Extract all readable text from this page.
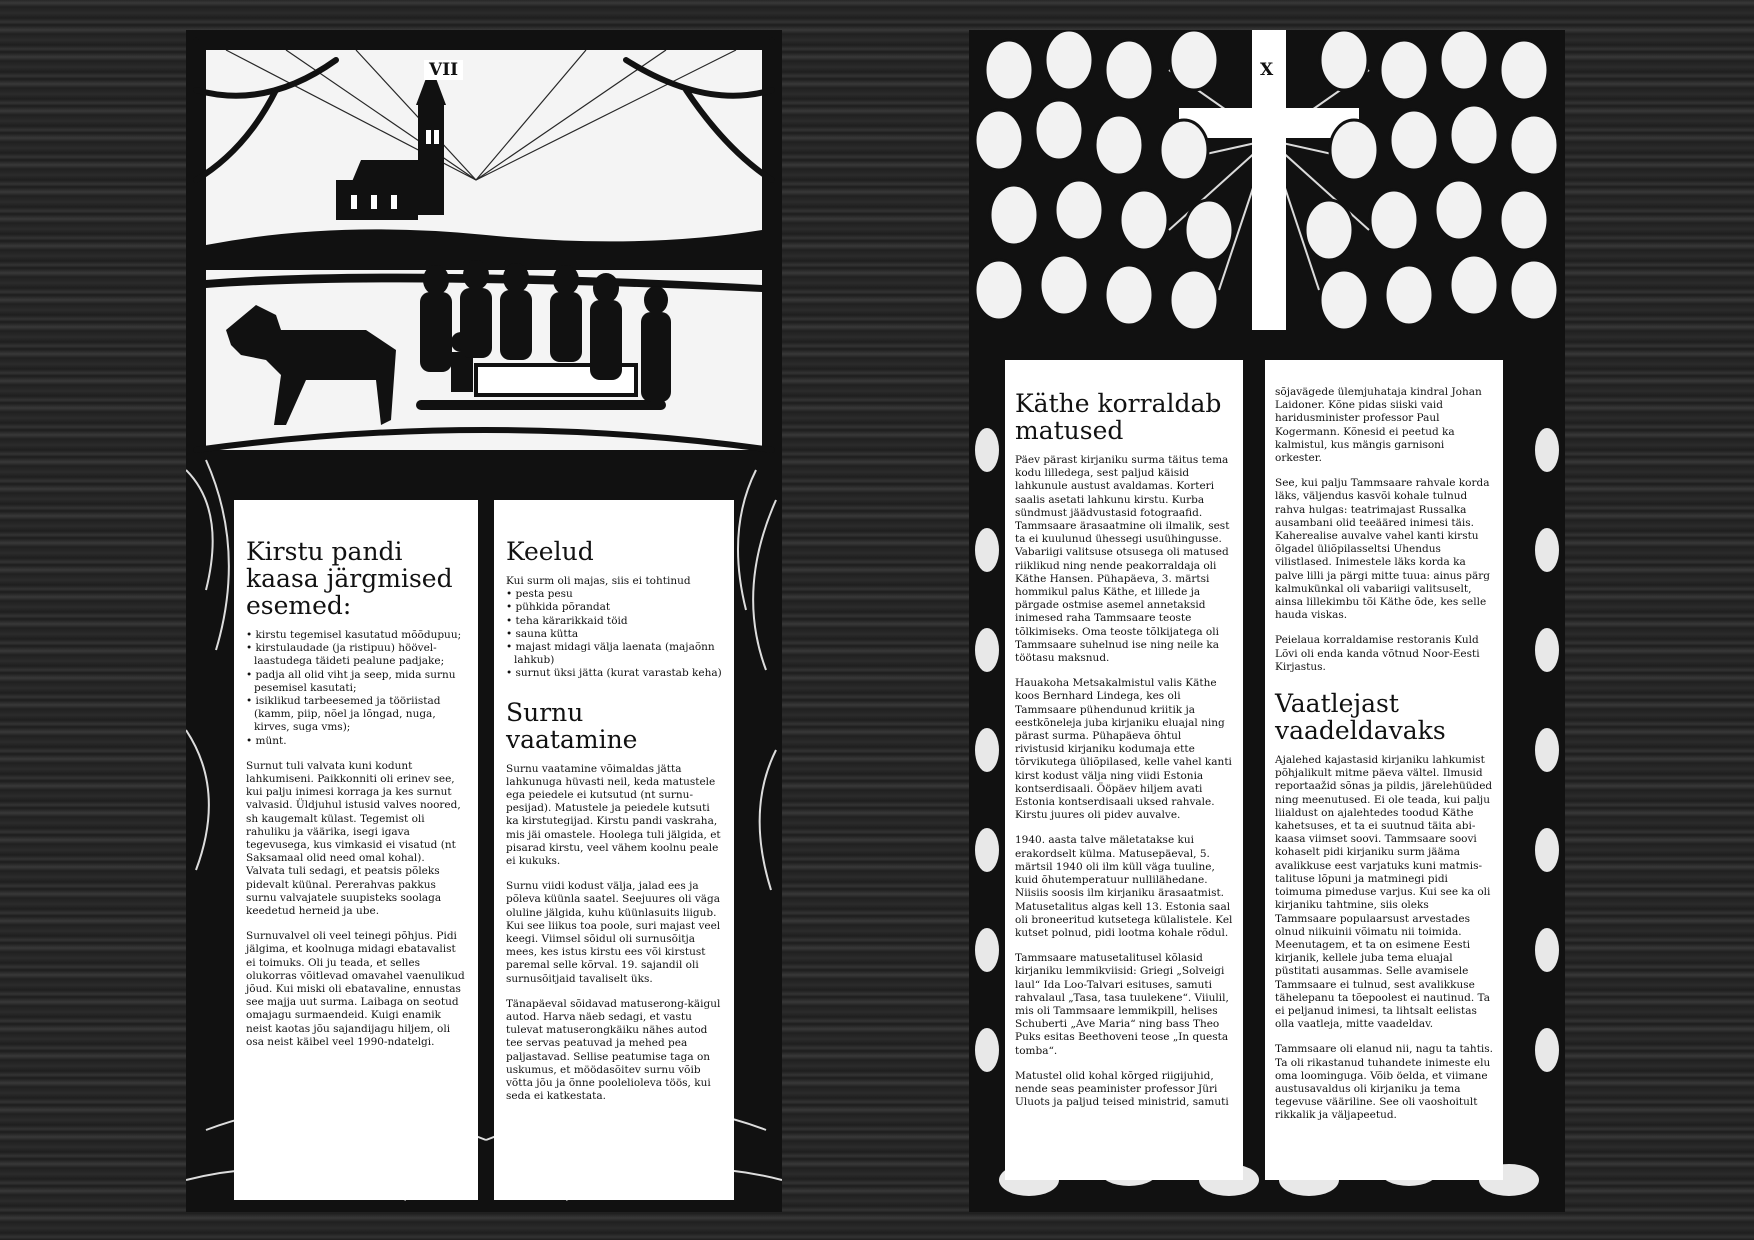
VII
Kirstu pandi kaasa järgmised esemed:
• kirstu tegemisel kasutatud mõõdupuu;
• kirstulaudade (ja ristipuu) höövel-laastudega täideti pealune padjake;
• padja all olid viht ja seep, mida surnu pesemisel kasutati;
• isiklikud tarbeesemed ja tööriistad (kamm, piip, nõel ja lõngad, nuga, kirves, suga vms);
• münt.

Surnut tuli valvata kuni kodunt lahkumiseni. Paikkonniti oli erinev see, kui palju inimesi korraga ja kes surnut valvasid. Üldjuhul istusid valves noored, sh kaugemalt külast. Tegemist oli rahuliku ja väärika, isegi igava tegevusega, kus vimkasid ei visatud (nt Saksamaal olid need omal kohal). Valvata tuli sedagi, et peatsis põleks pidevalt küünal. Pererahvas pakkus surnu valvajatele suupisteks soolaga keedetud herneid ja ube.

Surnuvalvel oli veel teinegi põhjus. Pidi jälgima, et koolnuga midagi ebatavalist ei toimuks. Oli ju teada, et selles olukorras võitlevad omavahel vaenulikud jõud. Kui miski oli ebatavaline, ennustas see majja uut surma. Laibaga on seotud omajagu surmaendeid. Kuigi enamik neist kaotas jõu sajandijagu hiljem, oli osa neist käibel veel 1990-ndatelgi.

Keelud

Kui surm oli majas, siis ei tohtinud

• pesta pesu
• pühkida põrandat
• teha kärarikkaid töid
• sauna kütta
• majast midagi välja laenata (majaõnn lahkub)
• surnut üksi jätta (kurat varastab keha)
Surnu vaatamine

Surnu vaatamine võimaldas jätta lahkunuga hüvasti neil, keda matustele ega peiedele ei kutsutud (nt surnu-pesijad). Matustele ja peiedele kutsuti ka kirstutegijad. Kirstu pandi vaskraha, mis jäi omastele. Hoolega tuli jälgida, et pisarad kirstu, veel vähem koolnu peale ei kukuks.

Surnu viidi kodust välja, jalad ees ja põleva küünla saatel. Seejuures oli väga oluline jälgida, kuhu küünlasuits liigub. Kui see liikus toa poole, suri majast veel keegi. Viimsel sõidul oli surnusõitja mees, kes istus kirstu ees või kirstust paremal selle kõrval. 19. sajandil oli surnusõitjaid tavaliselt üks.

Tänapäeval sõidavad matuserong-käigul autod. Harva näeb sedagi, et vastu tulevat matuserongkäiku nähes autod tee servas peatuvad ja mehed pea paljastavad. Sellise peatumise taga on uskumus, et möödasõitev surnu võib võtta jõu ja õnne poolelioleva töös, kui seda ei katkestata.

X
Käthe korraldab matused

Päev pärast kirjaniku surma täitus tema kodu lilledega, sest paljud käisid lahkunule austust avaldamas. Korteri saalis asetati lahkunu kirstu. Kurba sündmust jäädvustasid fotograafid. Tammsaare ärasaatmine oli ilmalik, sest ta ei kuulunud ühessegi usuühingusse. Vabariigi valitsuse otsusega oli matused riiklikud ning nende peakorraldaja oli Käthe Hansen. Pühapäeva, 3. märtsi hommikul palus Käthe, et lillede ja pärgade ostmise asemel annetaksid inimesed raha Tammsaare teoste tõlkimiseks. Oma teoste tõlkijatega oli Tammsaare suhelnud ise ning neile ka töötasu maksnud.

Hauakoha Metsakalmistul valis Käthe koos Bernhard Lindega, kes oli Tammsaare pühendunud kriitik ja eestkõneleja juba kirjaniku eluajal ning pärast surma. Pühapäeva õhtul rivistusid kirjaniku kodumaja ette tõrvikutega üliõpilased, kelle vahel kanti kirst kodust välja ning viidi Estonia kontserdisaali. Ööpäev hiljem avati Estonia kontserdisaali uksed rahvale. Kirstu juures oli pidev auvalve.

1940. aasta talve mäletatakse kui erakordselt külma. Matusepäeval, 5. märtsil 1940 oli ilm küll väga tuuline, kuid õhutemperatuur nullilähedane. Niisiis soosis ilm kirjaniku ärasaatmist. Matusetalitus algas kell 13. Estonia saal oli broneeritud kutsetega külalistele. Kel kutset polnud, pidi lootma kohale rõdul.

Tammsaare matusetalitusel kõlasid kirjaniku lemmikviisid: Griegi „Solveigi laul“ Ida Loo-Talvari esituses, samuti rahvalaul „Tasa, tasa tuulekene“. Viiulil, mis oli Tammsaare lemmikpill, helises Schuberti „Ave Maria“ ning bass Theo Puks esitas Beethoveni teose „In questa tomba“.

Matustel olid kohal kõrged riigijuhid, nende seas peaminister professor Jüri Uluots ja paljud teised ministrid, samuti

sõjavägede ülemjuhataja kindral Johan Laidoner. Kõne pidas siiski vaid haridusminister professor Paul Kogermann. Kõnesid ei peetud ka kalmistul, kus mängis garnisoni orkester.

See, kui palju Tammsaare rahvale korda läks, väljendus kasvõi kohale tulnud rahva hulgas: teatrimajast Russalka ausambani olid teeääred inimesi täis. Kaherealise auvalve vahel kanti kirstu õlgadel üliõpilasseltsi Uhendus vilistlased. Inimestele läks korda ka palve lilli ja pärgi mitte tuua: ainus pärg kalmukünkal oli vabariigi valitsuselt, ainsa lillekimbu tõi Käthe õde, kes selle hauda viskas.

Peielaua korraldamise restoranis Kuld Lõvi oli enda kanda võtnud Noor-Eesti Kirjastus.

Vaatlejast vaadeldavaks

Ajalehed kajastasid kirjaniku lahkumist põhjalikult mitme päeva vältel. Ilmusid reportaažid sõnas ja pildis, järelehüüded ning meenutused. Ei ole teada, kui palju liialdust on ajalehtedes toodud Käthe kahetsuses, et ta ei suutnud täita abi-kaasa viimset soovi. Tammsaare soovi kohaselt pidi kirjaniku surm jääma avalikkuse eest varjatuks kuni matmis-talituse lõpuni ja matminegi pidi toimuma pimeduse varjus. Kui see ka oli kirjaniku tahtmine, siis oleks Tammsaare populaarsust arvestades olnud niikuinii võimatu nii toimida. Meenutagem, et ta on esimene Eesti kirjanik, kellele juba tema eluajal püstitati ausammas. Selle avamisele Tammsaare ei tulnud, sest avalikkuse tähelepanu ta tõepoolest ei nautinud. Ta ei peljanud inimesi, ta lihtsalt eelistas olla vaatleja, mitte vaadeldav.

Tammsaare oli elanud nii, nagu ta tahtis. Ta oli rikastanud tuhandete inimeste elu oma loominguga. Võib öelda, et viimane austusavaldus oli kirjaniku ja tema tegevuse vääriline. See oli vaoshoitult rikkalik ja väljapeetud.
